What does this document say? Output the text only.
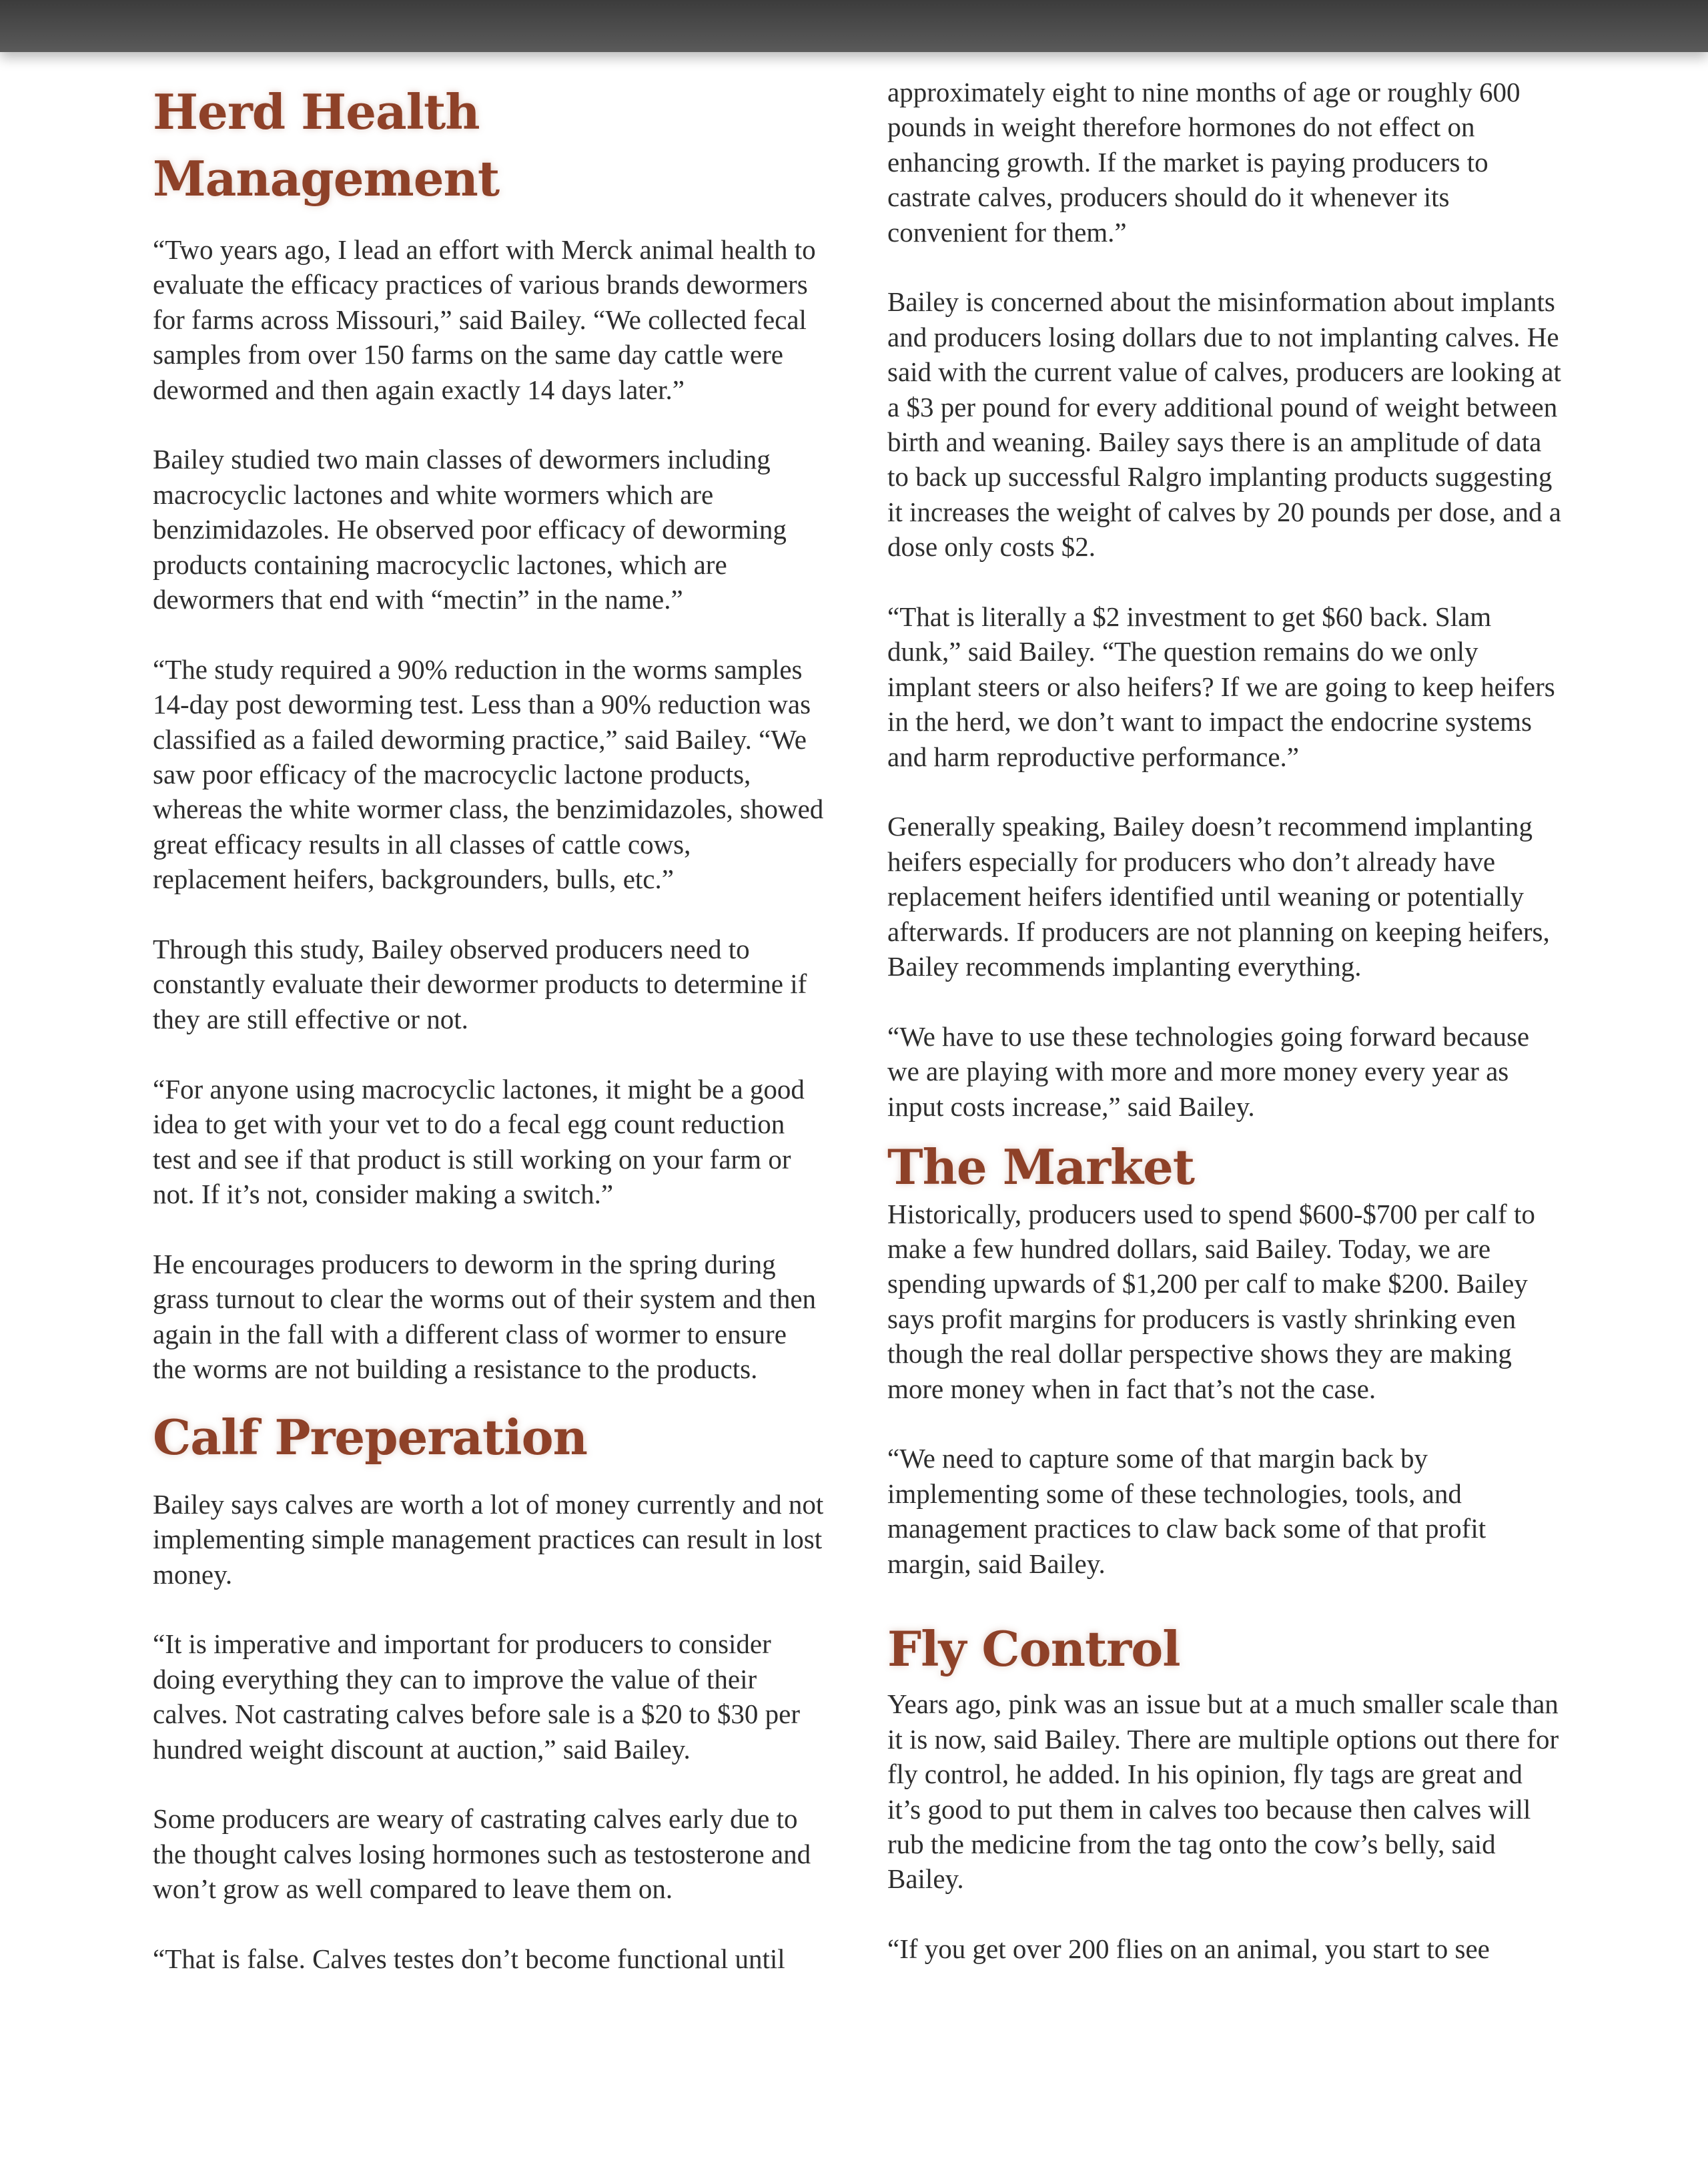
Herd Health Management

“Two years ago, I lead an effort with Merck animal health to evaluate the efficacy practices of various brands dewormers for farms across Missouri,” said Bailey. “We collected fecal samples from over 150 farms on the same day cattle were dewormed and then again exactly 14 days later.”

Bailey studied two main classes of dewormers including macrocyclic lactones and white wormers which are benzimidazoles. He observed poor efficacy of deworming products containing macrocyclic lactones, which are dewormers that end with “mectin” in the name.”

“The study required a 90% reduction in the worms samples 14-day post deworming test. Less than a 90% reduction was classified as a failed deworming practice,” said Bailey. “We saw poor efficacy of the macrocyclic lactone products, whereas the white wormer class, the benzimidazoles, showed great efficacy results in all classes of cattle cows, replacement heifers, backgrounders, bulls, etc.”

Through this study, Bailey observed producers need to constantly evaluate their dewormer products to determine if they are still effective or not.

“For anyone using macrocyclic lactones, it might be a good idea to get with your vet to do a fecal egg count reduction test and see if that product is still working on your farm or not. If it’s not, consider making a switch.”

He encourages producers to deworm in the spring during grass turnout to clear the worms out of their system and then again in the fall with a different class of wormer to ensure the worms are not building a resistance to the products.

Calf Preperation

Bailey says calves are worth a lot of money currently and not implementing simple management practices can result in lost money.

“It is imperative and important for producers to consider doing everything they can to improve the value of their calves. Not castrating calves before sale is a $20 to $30 per hundred weight discount at auction,” said Bailey.

Some producers are weary of castrating calves early due to the thought calves losing hormones such as testosterone and won’t grow as well compared to leave them on.

“That is false. Calves testes don’t become functional until

approximately eight to nine months of age or roughly 600 pounds in weight therefore hormones do not effect on enhancing growth. If the market is paying producers to castrate calves, producers should do it whenever its convenient for them.”

Bailey is concerned about the misinformation about implants and producers losing dollars due to not implanting calves. He said with the current value of calves, producers are looking at a $3 per pound for every additional pound of weight between birth and weaning. Bailey says there is an amplitude of data to back up successful Ralgro implanting products suggesting it increases the weight of calves by 20 pounds per dose, and a dose only costs $2.

“That is literally a $2 investment to get $60 back. Slam dunk,” said Bailey. “The question remains do we only implant steers or also heifers? If we are going to keep heifers in the herd, we don’t want to impact the endocrine systems and harm reproductive performance.”

Generally speaking, Bailey doesn’t recommend implanting heifers especially for producers who don’t already have replacement heifers identified until weaning or potentially afterwards. If producers are not planning on keeping heifers, Bailey recommends implanting everything.

“We have to use these technologies going forward because we are playing with more and more money every year as input costs increase,” said Bailey.

The Market

Historically, producers used to spend $600-$700 per calf to make a few hundred dollars, said Bailey. Today, we are spending upwards of $1,200 per calf to make $200. Bailey says profit margins for producers is vastly shrinking even though the real dollar perspective shows they are making more money when in fact that’s not the case.

“We need to capture some of that margin back by implementing some of these technologies, tools, and management practices to claw back some of that profit margin, said Bailey.

Fly Control

Years ago, pink was an issue but at a much smaller scale than it is now, said Bailey. There are multiple options out there for fly control, he added. In his opinion, fly tags are great and it’s good to put them in calves too because then calves will rub the medicine from the tag onto the cow’s belly, said Bailey.

“If you get over 200 flies on an animal, you start to see
